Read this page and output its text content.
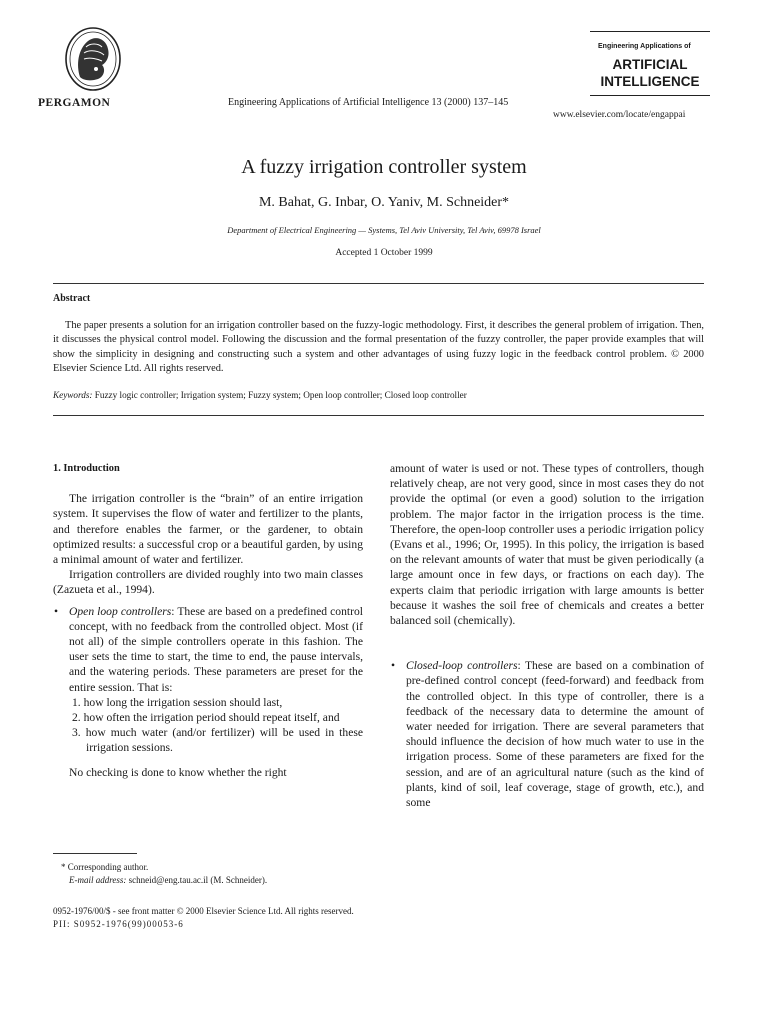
PERGAMON	Engineering Applications of Artificial Intelligence 13 (2000) 137–145
Engineering Applications of
ARTIFICIAL
INTELLIGENCE
www.elsevier.com/locate/engappai
A fuzzy irrigation controller system
M. Bahat, G. Inbar, O. Yaniv, M. Schneider*
Department of Electrical Engineering — Systems, Tel Aviv University, Tel Aviv, 69978 Israel
Accepted 1 October 1999
Abstract
The paper presents a solution for an irrigation controller based on the fuzzy-logic methodology. First, it describes the general problem of irrigation. Then, it discusses the physical control model. Following the discussion and the formal presentation of the fuzzy controller, the paper provide examples that will show the simplicity in designing and constructing such a system and other advantages of using fuzzy logic in the feedback control problem. © 2000 Elsevier Science Ltd. All rights reserved.
Keywords: Fuzzy logic controller; Irrigation system; Fuzzy system; Open loop controller; Closed loop controller

1. Introduction

The irrigation controller is the “brain” of an entire irrigation system. It supervises the flow of water and fertilizer to the plants, and therefore enables the farmer, or the gardener, to obtain optimized results: a successful crop or a beautiful garden, by using a minimal amount of water and fertilizer.

Irrigation controllers are divided roughly into two main classes (Zazueta et al., 1994).

• Open loop controllers: These are based on a predefined control concept, with no feedback from the controlled object. Most (if not all) of the simple controllers operate in this fashion. The user sets the time to start, the time to end, the pause intervals, and the watering periods. These parameters are preset for the entire session. That is:
1. how long the irrigation session should last,
2. how often the irrigation period should repeat itself, and
3. how much water (and/or fertilizer) will be used in these irrigation sessions.

No checking is done to know whether the right

amount of water is used or not. These types of controllers, though relatively cheap, are not very good, since in most cases they do not provide the optimal (or even a good) solution to the irrigation problem. The major factor in the irrigation process is the time. Therefore, the open-loop controller uses a periodic irrigation policy (Evans et al., 1996; Or, 1995). In this policy, the irrigation is based on the relevant amounts of water that must be given periodically (a large amount once in few days, or fractions on each day). The experts claim that periodic irrigation with large amounts is better because it washes the soil free of chemicals and creates a better balanced soil (chemically).

• Closed-loop controllers: These are based on a combination of pre-defined control concept (feed-forward) and feedback from the controlled object. In this type of controller, there is a feedback of the necessary data to determine the amount of water needed for irrigation. There are several parameters that should influence the decision of how much water to use in the irrigation process. Some of these parameters are fixed for the session, and are of an agricultural nature (such as the kind of plants, kind of soil, leaf coverage, stage of growth, etc.), and some
* Corresponding author.
E-mail address: schneid@eng.tau.ac.il (M. Schneider).
0952-1976/00/$ - see front matter © 2000 Elsevier Science Ltd. All rights reserved.
PII: S0952-1976(99)00053-6
